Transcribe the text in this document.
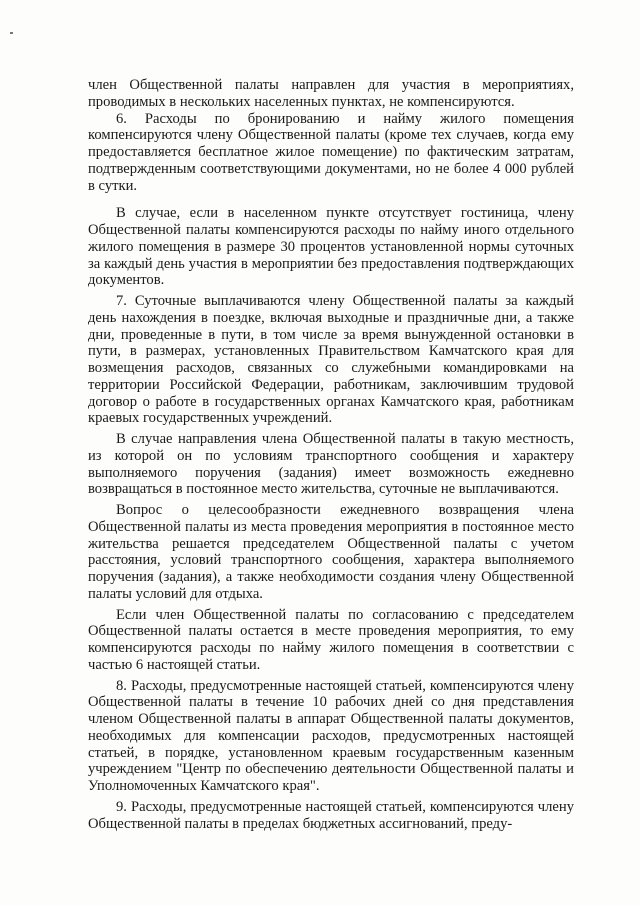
член Общественной палаты направлен для участия в мероприятиях, проводимых в нескольких населенных пунктах, не компенсируются.

6. Расходы по бронированию и найму жилого помещения компенсируются члену Общественной палаты (кроме тех случаев, когда ему предоставляется бесплатное жилое помещение) по фактическим затратам, подтвержденным соответствующими документами, но не более 4 000 рублей в сутки.

В случае, если в населенном пункте отсутствует гостиница, члену Общественной палаты компенсируются расходы по найму иного отдельного жилого помещения в размере 30 процентов установленной нормы суточных за каждый день участия в мероприятии без предоставления подтверждающих документов.

7. Суточные выплачиваются члену Общественной палаты за каждый день нахождения в поездке, включая выходные и праздничные дни, а также дни, проведенные в пути, в том числе за время вынужденной остановки в пути, в размерах, установленных Правительством Камчатского края для возмещения расходов, связанных со служебными командировками на территории Российской Федерации, работникам, заключившим трудовой договор о работе в государственных органах Камчатского края, работникам краевых государственных учреждений.

В случае направления члена Общественной палаты в такую местность, из которой он по условиям транспортного сообщения и характеру выполняемого поручения (задания) имеет возможность ежедневно возвращаться в постоянное место жительства, суточные не выплачиваются.

Вопрос о целесообразности ежедневного возвращения члена Общественной палаты из места проведения мероприятия в постоянное место жительства решается председателем Общественной палаты с учетом расстояния, условий транспортного сообщения, характера выполняемого поручения (задания), а также необходимости создания члену Общественной палаты условий для отдыха.

Если член Общественной палаты по согласованию с председателем Общественной палаты остается в месте проведения мероприятия, то ему компенсируются расходы по найму жилого помещения в соответствии с частью 6 настоящей статьи.

8. Расходы, предусмотренные настоящей статьей, компенсируются члену Общественной палаты в течение 10 рабочих дней со дня представления членом Общественной палаты в аппарат Общественной палаты документов, необходимых для компенсации расходов, предусмотренных настоящей статьей, в порядке, установленном краевым государственным казенным учреждением "Центр по обеспечению деятельности Общественной палаты и Уполномоченных Камчатского края".

9. Расходы, предусмотренные настоящей статьей, компенсируются члену Общественной палаты в пределах бюджетных ассигнований, преду-
